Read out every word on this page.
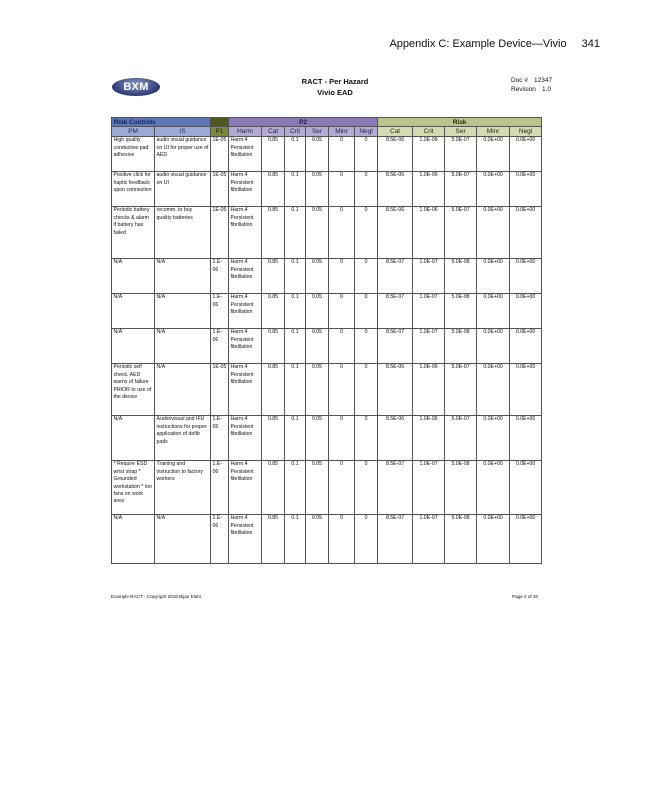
Appendix C: Example Device—Vivio 341
BXM	RACT - Per Hazard
Vivio EAD
Doc # 12347
Revision 1.0
Risk Controls			P2						Risk				
PM	IS	P1	Harm	Cat	Crit	Ser	Minr	Negl	Cat	Crit	Ser	Minr	Negl
High quality conductive pad adhesive	audio visual guidance on UI for proper use of AED	1E-05	Harm.4 Persistent fibrillation	0.85	0.1	0.05	0	0	8.5E-06	1.0E-06	5.0E-07	0.0E+00	0.0E+00
Positive click for haptic feedback upon connection	audio visual guidance on UI	1E-05	Harm.4 Persistent fibrillation	0.85	0.1	0.05	0	0	8.5E-06	1.0E-06	5.0E-07	0.0E+00	0.0E+00
Periodic battery checks & alarm if battery has failed	recomm. to buy quality batteries	1E-05	Harm.4 Persistent fibrillation	0.85	0.1	0.05	0	0	8.5E-06	1.0E-06	5.0E-07	0.0E+00	0.0E+00
N/A	N/A	1.E-06	Harm.4 Persistent fibrillation	0.85	0.1	0.05	0	0	8.5E-07	1.0E-07	5.0E-08	0.0E+00	0.0E+00
N/A	N/A	1.E-06	Harm.4 Persistent fibrillation	0.85	0.1	0.05	0	0	8.5E-07	1.0E-07	5.0E-08	0.0E+00	0.0E+00
N/A	N/A	1.E-06	Harm.4 Persistent fibrillation	0.85	0.1	0.05	0	0	8.5E-07	1.0E-07	5.0E-08	0.0E+00	0.0E+00
Periodic self check. AED warns of failure PRIOR to use of the device	N/A	1E-05	Harm.4 Persistent fibrillation	0.85	0.1	0.05	0	0	8.5E-06	1.0E-06	5.0E-07	0.0E+00	0.0E+00
N/A	Audio/visual and IFU instructions for proper application of defib pads	1.E-05	Harm.4 Persistent fibrillation	0.85	0.1	0.05	0	0	8.5E-06	1.0E-06	5.0E-07	0.0E+00	0.0E+00
* Require ESD wrist strap * Grounded workstation * Ion fans on work area	Training and instruction to factory workers	1.E-06	Harm.4 Persistent fibrillation	0.85	0.1	0.05	0	0	8.5E-07	1.0E-07	5.0E-08	0.0E+00	0.0E+00
N/A	N/A	1.E-06	Harm.4 Persistent fibrillation	0.85	0.1	0.05	0	0	8.5E-07	1.0E-07	5.0E-08	0.0E+00	0.0E+00
Example RACT - Copyright 2018 Bijan Elahi	Page 2 of 20
